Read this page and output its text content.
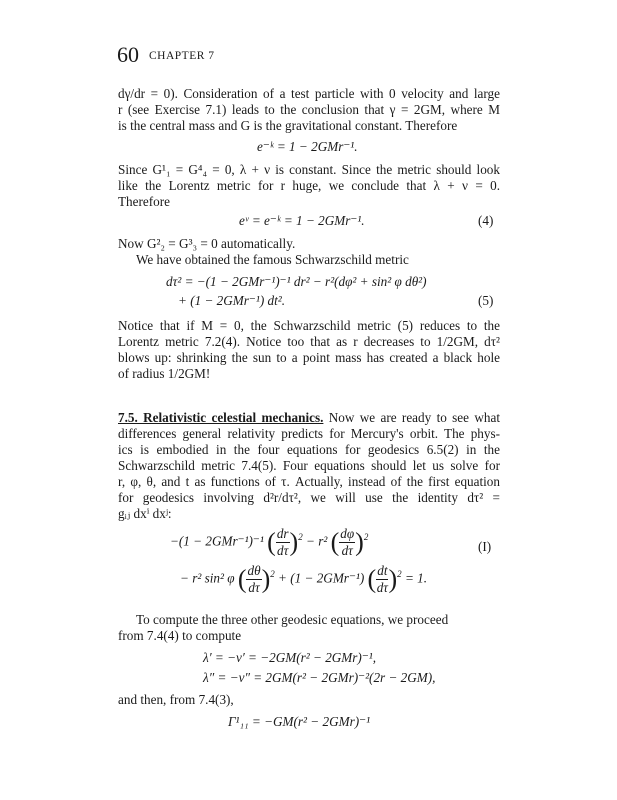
60 CHAPTER 7
dγ/dr = 0). Consideration of a test particle with 0 velocity and large
r (see Exercise 7.1) leads to the conclusion that γ = 2GM, where M
is the central mass and G is the gravitational constant. Therefore
e⁻ᵏ = 1 − 2GMr⁻¹.
Since G¹₁ = G⁴₄ = 0, λ + ν is constant. Since the metric should look
like the Lorentz metric for r huge, we conclude that λ + ν = 0.
Therefore
eᵛ = e⁻ᵏ = 1 − 2GMr⁻¹.	(4)
Now G²₂ = G³₃ = 0 automatically.
We have obtained the famous Schwarzschild metric
dτ² = −(1 − 2GMr⁻¹)⁻¹ dr² − r²(dφ² + sin² φ dθ²)
+ (1 − 2GMr⁻¹) dt².	(5)
Notice that if M = 0, the Schwarzschild metric (5) reduces to the
Lorentz metric 7.2(4). Notice too that as r decreases to 1/2GM, dτ²
blows up: shrinking the sun to a point mass has created a black hole
of radius 1/2GM!
7.5. Relativistic celestial mechanics. Now we are ready to see what
differences general relativity predicts for Mercury's orbit. The phys-
ics is embodied in the four equations for geodesics 6.5(2) in the
Schwarzschild metric 7.4(5). Four equations should let us solve for
r, φ, θ, and t as functions of τ. Actually, instead of the first equation
for geodesics involving d²r/dτ², we will use the identity dτ² =
gᵢⱼ dxⁱ dxʲ:
−(1 − 2GMr⁻¹)⁻¹ ( $\frac{dr}{d\tau} )^2 - r^2$ ( $\frac{d\varphi}{d\tau} )^2$
(I)
− r² sin² φ ( $\frac{d\theta}{d\tau} )^2 + (1 - 2GMr^{-1})$ ( $\frac{dt}{d\tau} )^2 = 1$.
To compute the three other geodesic equations, we proceed
from 7.4(4) to compute
λ′ = −ν′ = −2GM(r² − 2GMr)⁻¹,
λ″ = −ν″ = 2GM(r² − 2GMr)⁻²(2r − 2GM),
and then, from 7.4(3),
Γ¹₁₁ = −GM(r² − 2GMr)⁻¹
